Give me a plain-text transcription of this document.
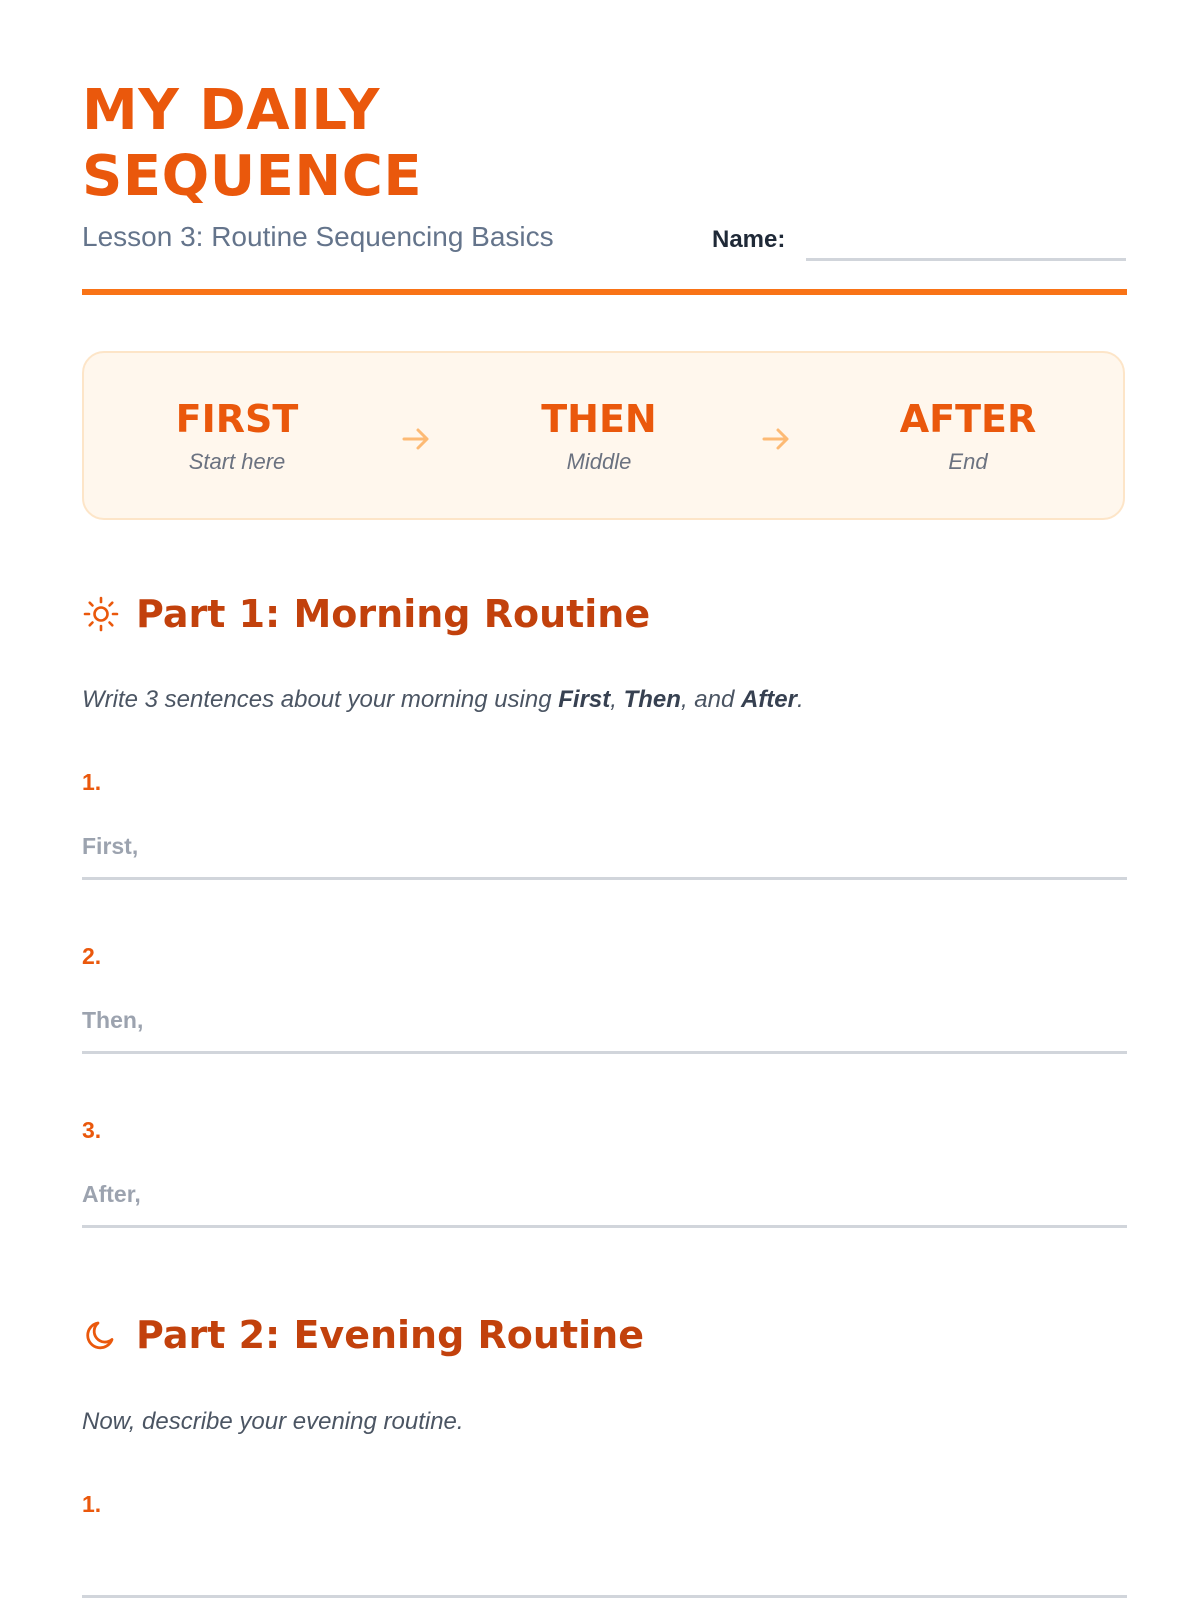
MY DAILY
SEQUENCE
Lesson 3: Routine Sequencing Basics	Name:
FIRST
Start here
THEN
Middle
AFTER
End
Part 1: Morning Routine
Write 3 sentences about your morning using First, Then, and After.
1.
First,
2.
Then,
3.
After,
Part 2: Evening Routine
Now, describe your evening routine.
1.
